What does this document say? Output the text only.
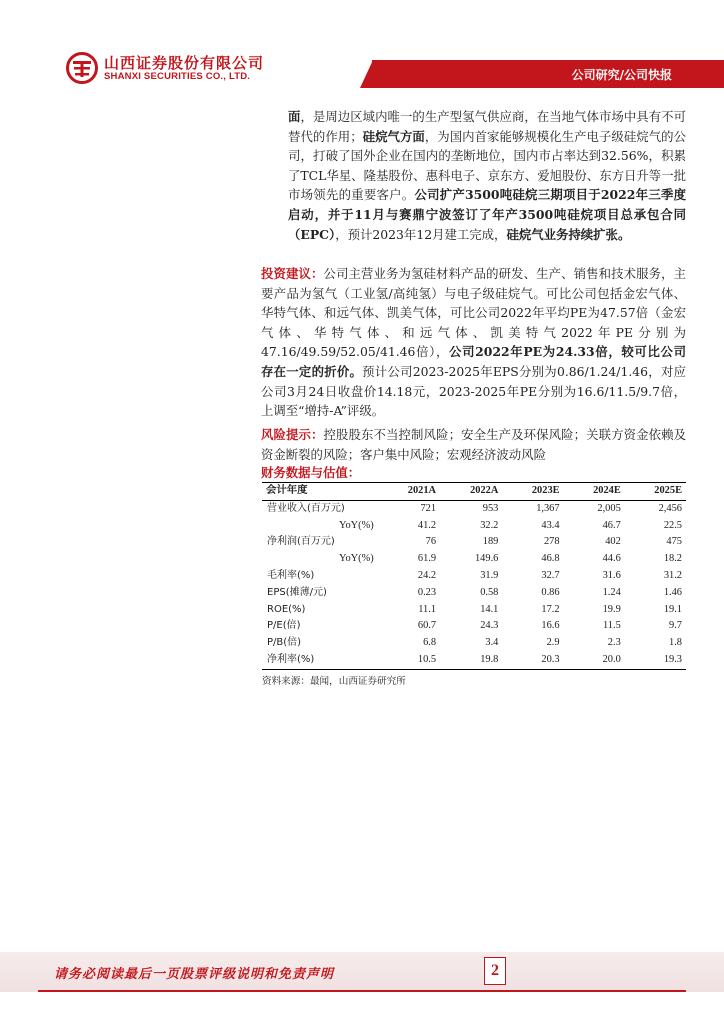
山西证券股份有限公司
SHANXI SECURITIES CO., LTD.	公司研究/公司快报
面，是周边区域内唯一的生产型氢气供应商，在当地气体市场中具有不可替代的作用；硅烷气方面，为国内首家能够规模化生产电子级硅烷气的公司，打破了国外企业在国内的垄断地位，国内市占率达到32.56%，积累了TCL华星、隆基股份、惠科电子、京东方、爱旭股份、东方日升等一批市场领先的重要客户。公司扩产3500吨硅烷三期项目于2022年三季度启动，并于11月与赛鼎宁波签订了年产3500吨硅烷项目总承包合同（EPC），预计2023年12月建工完成，硅烷气业务持续扩张。
投资建议：公司主营业务为氢硅材料产品的研发、生产、销售和技术服务，主要产品为氢气（工业氢/高纯氢）与电子级硅烷气。可比公司包括金宏气体、华特气体、和远气体、凯美气体，可比公司2022年平均PE为47.57倍（金宏气体、华特气体、和远气体、凯美特气2022年PE分别为47.16/49.59/52.05/41.46倍），公司2022年PE为24.33倍，较可比公司存在一定的折价。预计公司2023-2025年EPS分别为0.86/1.24/1.46，对应公司3月24日收盘价14.18元，2023-2025年PE分别为16.6/11.5/9.7倍，上调至“增持-A”评级。
风险提示：控股股东不当控制风险；安全生产及环保风险；关联方资金依赖及资金断裂的风险；客户集中风险；宏观经济波动风险
财务数据与估值：
会计年度	2021A	2022A	2023E	2024E	2025E
营业收入(百万元)	721	953	1,367	2,005	2,456
YoY(%)	41.2	32.2	43.4	46.7	22.5
净利润(百万元)	76	189	278	402	475
YoY(%)	61.9	149.6	46.8	44.6	18.2
毛利率(%)	24.2	31.9	32.7	31.6	31.2
EPS(摊薄/元)	0.23	0.58	0.86	1.24	1.46
ROE(%)	11.1	14.1	17.2	19.9	19.1
P/E(倍)	60.7	24.3	16.6	11.5	9.7
P/B(倍)	6.8	3.4	2.9	2.3	1.8
净利率(%)	10.5	19.8	20.3	20.0	19.3
资料来源：最闻，山西证券研究所
请务必阅读最后一页股票评级说明和免责声明	2
